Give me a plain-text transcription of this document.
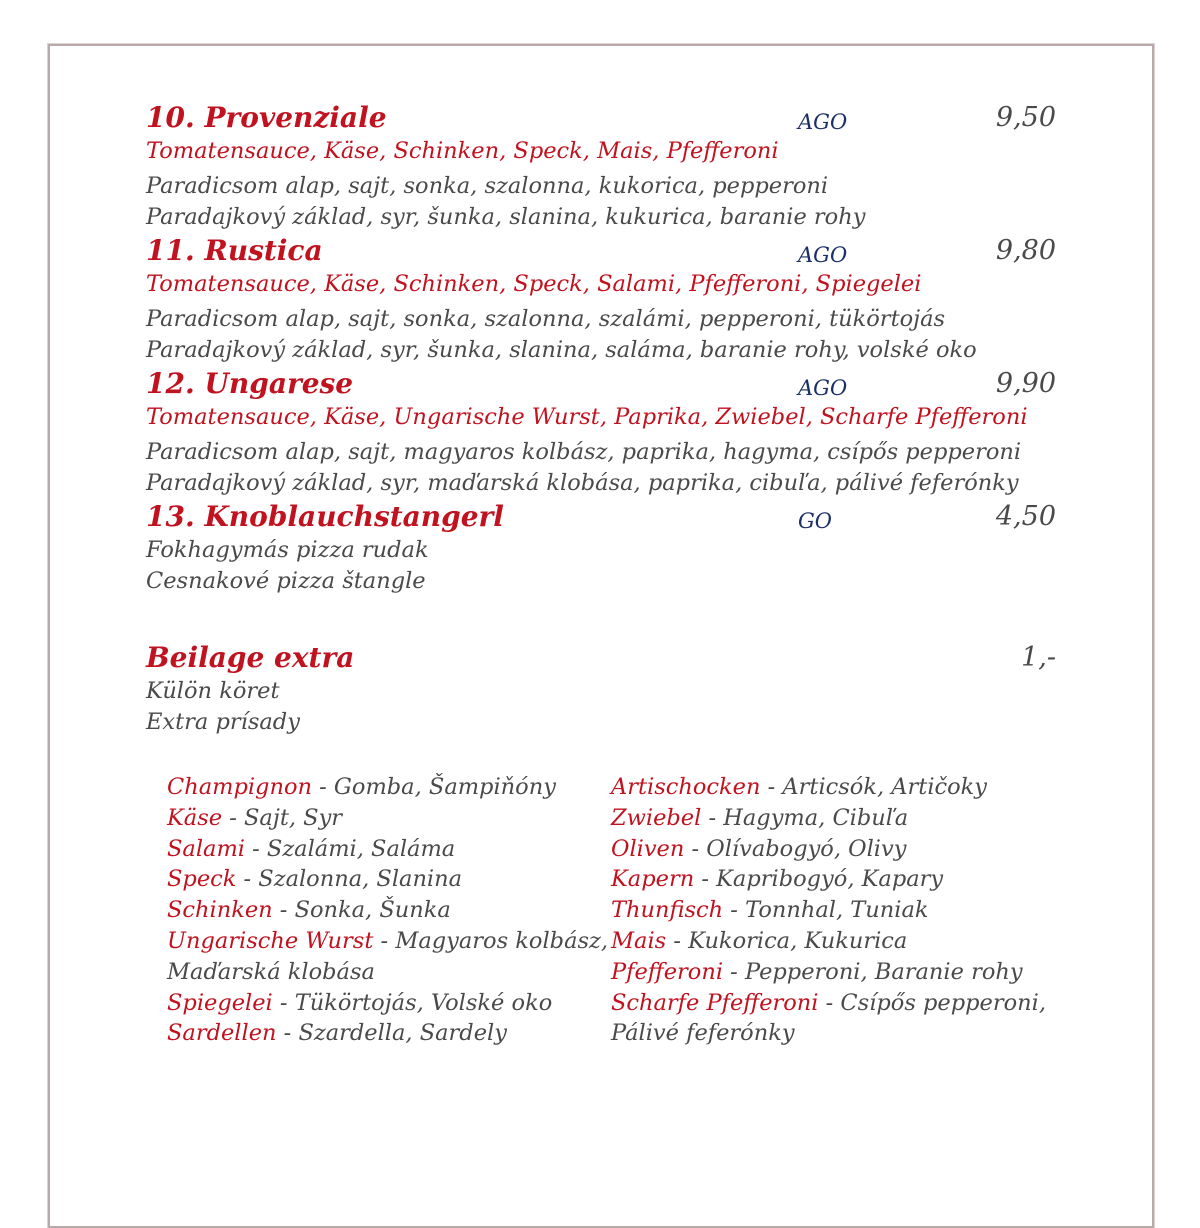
10. Provenziale	AGO	9,50
Tomatensauce, Käse, Schinken, Speck, Mais, Pfefferoni
Paradicsom alap, sajt, sonka, szalonna, kukorica, pepperoni
Paradajkový základ, syr, šunka, slanina, kukurica, baranie rohy
11. Rustica	AGO	9,80
Tomatensauce, Käse, Schinken, Speck, Salami, Pfefferoni, Spiegelei
Paradicsom alap, sajt, sonka, szalonna, szalámi, pepperoni, tükörtojás
Paradajkový základ, syr, šunka, slanina, saláma, baranie rohy, volské oko
12. Ungarese	AGO	9,90
Tomatensauce, Käse, Ungarische Wurst, Paprika, Zwiebel, Scharfe Pfefferoni
Paradicsom alap, sajt, magyaros kolbász, paprika, hagyma, csípős pepperoni
Paradajkový základ, syr, maďarská klobása, paprika, cibuľa, pálivé feferónky
13. Knoblauchstangerl	GO	4,50
Fokhagymás pizza rudak
Cesnakové pizza štangle
Beilage extra	1,-
Külön köret
Extra prísady
Champignon - Gomba, Šampiňóny
Käse - Sajt, Syr
Salami - Szalámi, Saláma
Speck - Szalonna, Slanina
Schinken - Sonka, Šunka
Ungarische Wurst - Magyaros kolbász,
Maďarská klobása
Spiegelei - Tükörtojás, Volské oko
Sardellen - Szardella, Sardely
Artischocken - Articsók, Artičoky
Zwiebel - Hagyma, Cibuľa
Oliven - Olívabogyó, Olivy
Kapern - Kapribogyó, Kapary
Thunfisch - Tonnhal, Tuniak
Mais - Kukorica, Kukurica
Pfefferoni - Pepperoni, Baranie rohy
Scharfe Pfefferoni - Csípős pepperoni,
Pálivé feferónky
